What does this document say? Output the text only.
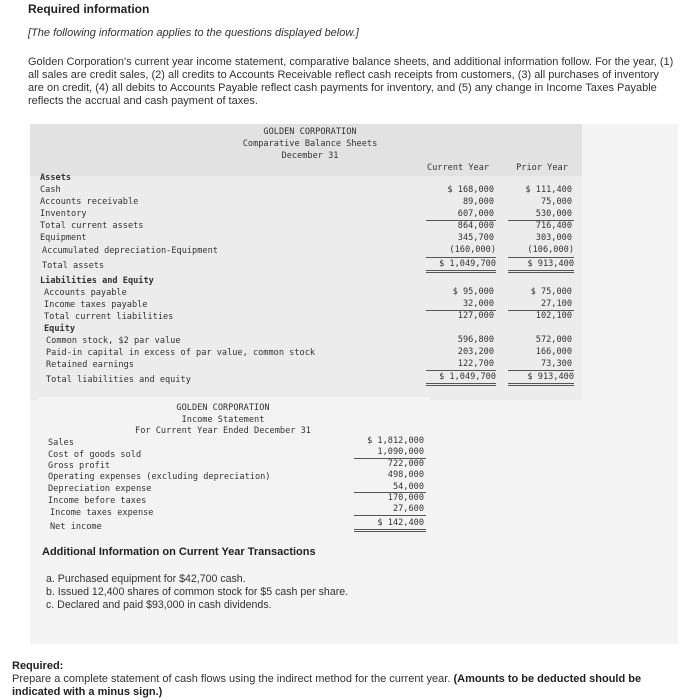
Required information
[The following information applies to the questions displayed below.]
Golden Corporation's current year income statement, comparative balance sheets, and additional information follow. For the year, (1) all sales are credit sales, (2) all credits to Accounts Receivable reflect cash receipts from customers, (3) all purchases of inventory are on credit, (4) all debits to Accounts Payable reflect cash payments for inventory, and (5) any change in Income Taxes Payable reflects the accrual and cash payment of taxes.
GOLDEN CORPORATION
Comparative Balance Sheets
December 31
Current Year	Prior Year
Assets
Cash	$ 168,000	$ 111,400
Accounts receivable	89,000	75,000
Inventory	607,000	530,000
Total current assets	864,000	716,400
Equipment	345,700	303,000
Accumulated depreciation-Equipment	(160,000)	(106,000)
Total assets	$ 1,049,700	$ 913,400
Liabilities and Equity
Accounts payable	$ 95,000	$ 75,000
Income taxes payable	32,000	27,100
Total current liabilities	127,000	102,100
Equity
Common stock, $2 par value	596,800	572,000
Paid-in capital in excess of par value, common stock	203,200	166,000
Retained earnings	122,700	73,300
Total liabilities and equity	$ 1,049,700	$ 913,400
GOLDEN CORPORATION
Income Statement
For Current Year Ended December 31
Sales	$ 1,812,000
Cost of goods sold	1,090,000
Gross profit	722,000
Operating expenses (excluding depreciation)	498,000
Depreciation expense	54,000
Income before taxes	170,000
Income taxes expense	27,600
Net income	$ 142,400
Additional Information on Current Year Transactions
a. Purchased equipment for $42,700 cash.
b. Issued 12,400 shares of common stock for $5 cash per share.
c. Declared and paid $93,000 in cash dividends.
Required:
Prepare a complete statement of cash flows using the indirect method for the current year. (Amounts to be deducted should be indicated with a minus sign.)
